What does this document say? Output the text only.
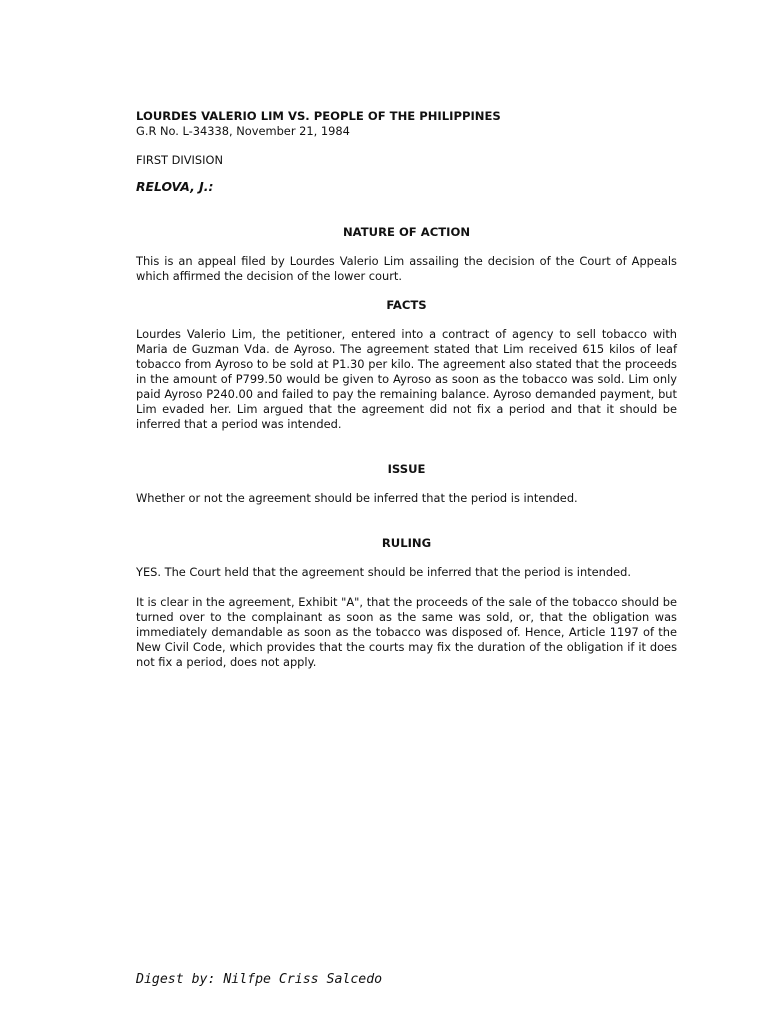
LOURDES VALERIO LIM VS. PEOPLE OF THE PHILIPPINES

G.R No. L-34338, November 21, 1984

FIRST DIVISION

RELOVA, J.:

NATURE OF ACTION

This is an appeal filed by Lourdes Valerio Lim assailing the decision of the Court of Appeals which affirmed the decision of the lower court.

FACTS

Lourdes Valerio Lim, the petitioner, entered into a contract of agency to sell tobacco with Maria de Guzman Vda. de Ayroso. The agreement stated that Lim received 615 kilos of leaf tobacco from Ayroso to be sold at P1.30 per kilo. The agreement also stated that the proceeds in the amount of P799.50 would be given to Ayroso as soon as the tobacco was sold. Lim only paid Ayroso P240.00 and failed to pay the remaining balance. Ayroso demanded payment, but Lim evaded her. Lim argued that the agreement did not fix a period and that it should be inferred that a period was intended.

ISSUE

Whether or not the agreement should be inferred that the period is intended.

RULING

YES. The Court held that the agreement should be inferred that the period is intended.

It is clear in the agreement, Exhibit "A", that the proceeds of the sale of the tobacco should be turned over to the complainant as soon as the same was sold, or, that the obligation was immediately demandable as soon as the tobacco was disposed of. Hence, Article 1197 of the New Civil Code, which provides that the courts may fix the duration of the obligation if it does not fix a period, does not apply.

Digest by: Nilfpe Criss Salcedo
